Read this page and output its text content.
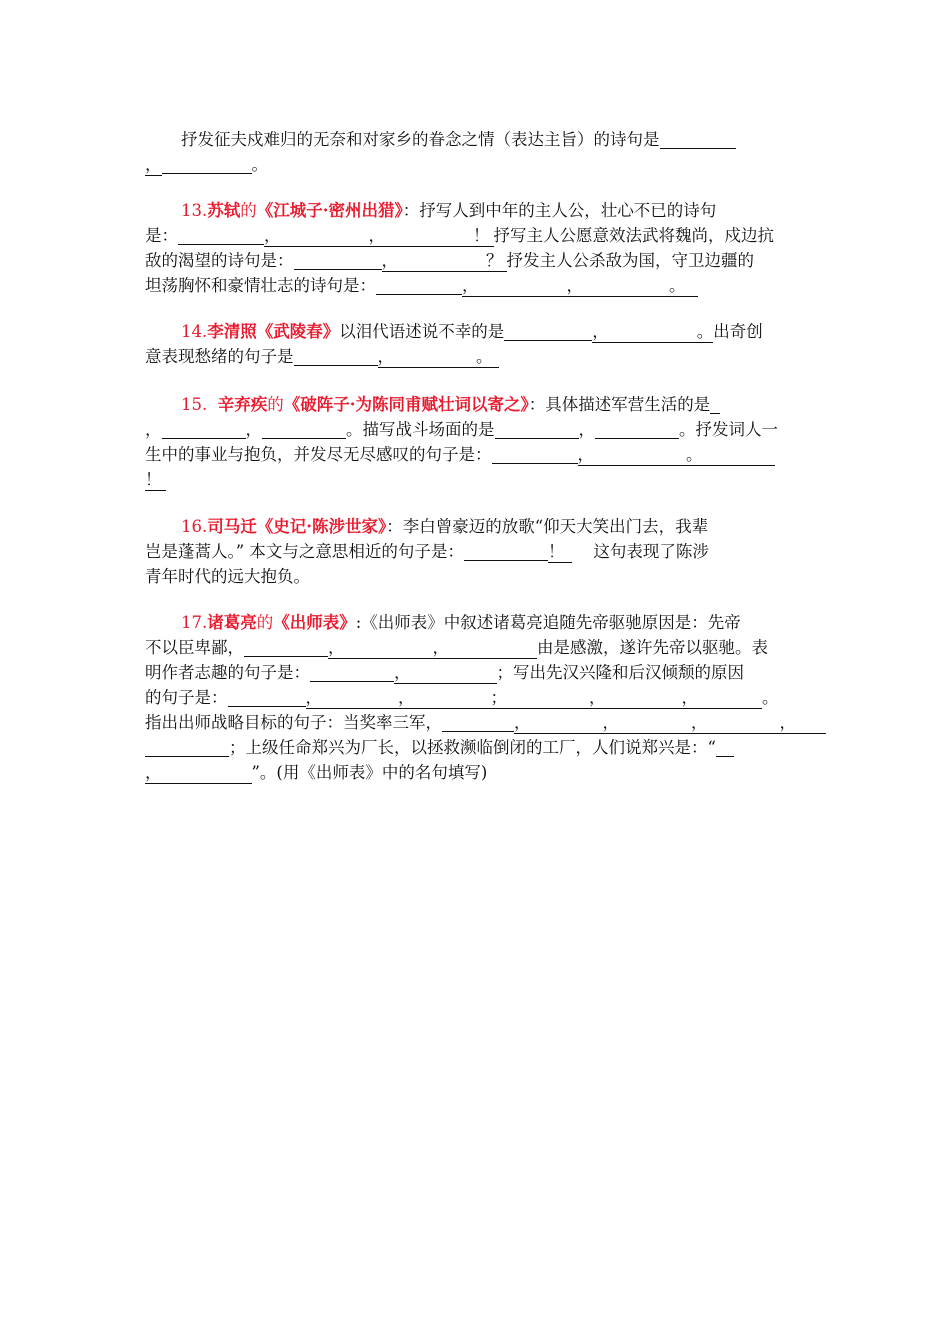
抒发征夫戍难归的无奈和对家乡的眷念之情（表达主旨）的诗句是
，	。
13.苏轼的《江城子·密州出猎》：抒写人到中年的主人公，壮心不已的诗句
是：	，	，	！ 抒写主人公愿意效法武将魏尚，戍边抗
敌的渴望的诗句是：	，	？ 抒发主人公杀敌为国，守卫边疆的
坦荡胸怀和豪情壮志的诗句是：	，	，	。
14.李清照《武陵春》以泪代语述说不幸的是	，	。出奇创
意表现愁绪的句子是	，	。
15. 辛弃疾的《破阵子·为陈同甫赋壮词以寄之》：具体描述军营生活的是
，	，	。描写战斗场面的是	，	。抒发词人一
生中的事业与抱负，并发尽无尽感叹的句子是：	，	。
！
16.司马迁《史记·陈涉世家》：李白曾豪迈的放歌“仰天大笑出门去，我辈
岂是蓬蒿人。” 本文与之意思相近的句子是：	！ 这句表现了陈涉
青年时代的远大抱负。
17.诸葛亮的《出师表》:《出师表》中叙述诸葛亮追随先帝驱驰原因是：先帝
不以臣卑鄙，	，	，	由是感激，遂许先帝以驱驰。表
明作者志趣的句子是：	，	；写出先汉兴隆和后汉倾颓的原因
的句子是：	，	，	；	，	，	。
指出出师战略目标的句子：当奖率三军，	，	，	，	，
；上级任命郑兴为厂长，以拯救濒临倒闭的工厂，人们说郑兴是：“
，	”。(用《出师表》中的名句填写)
